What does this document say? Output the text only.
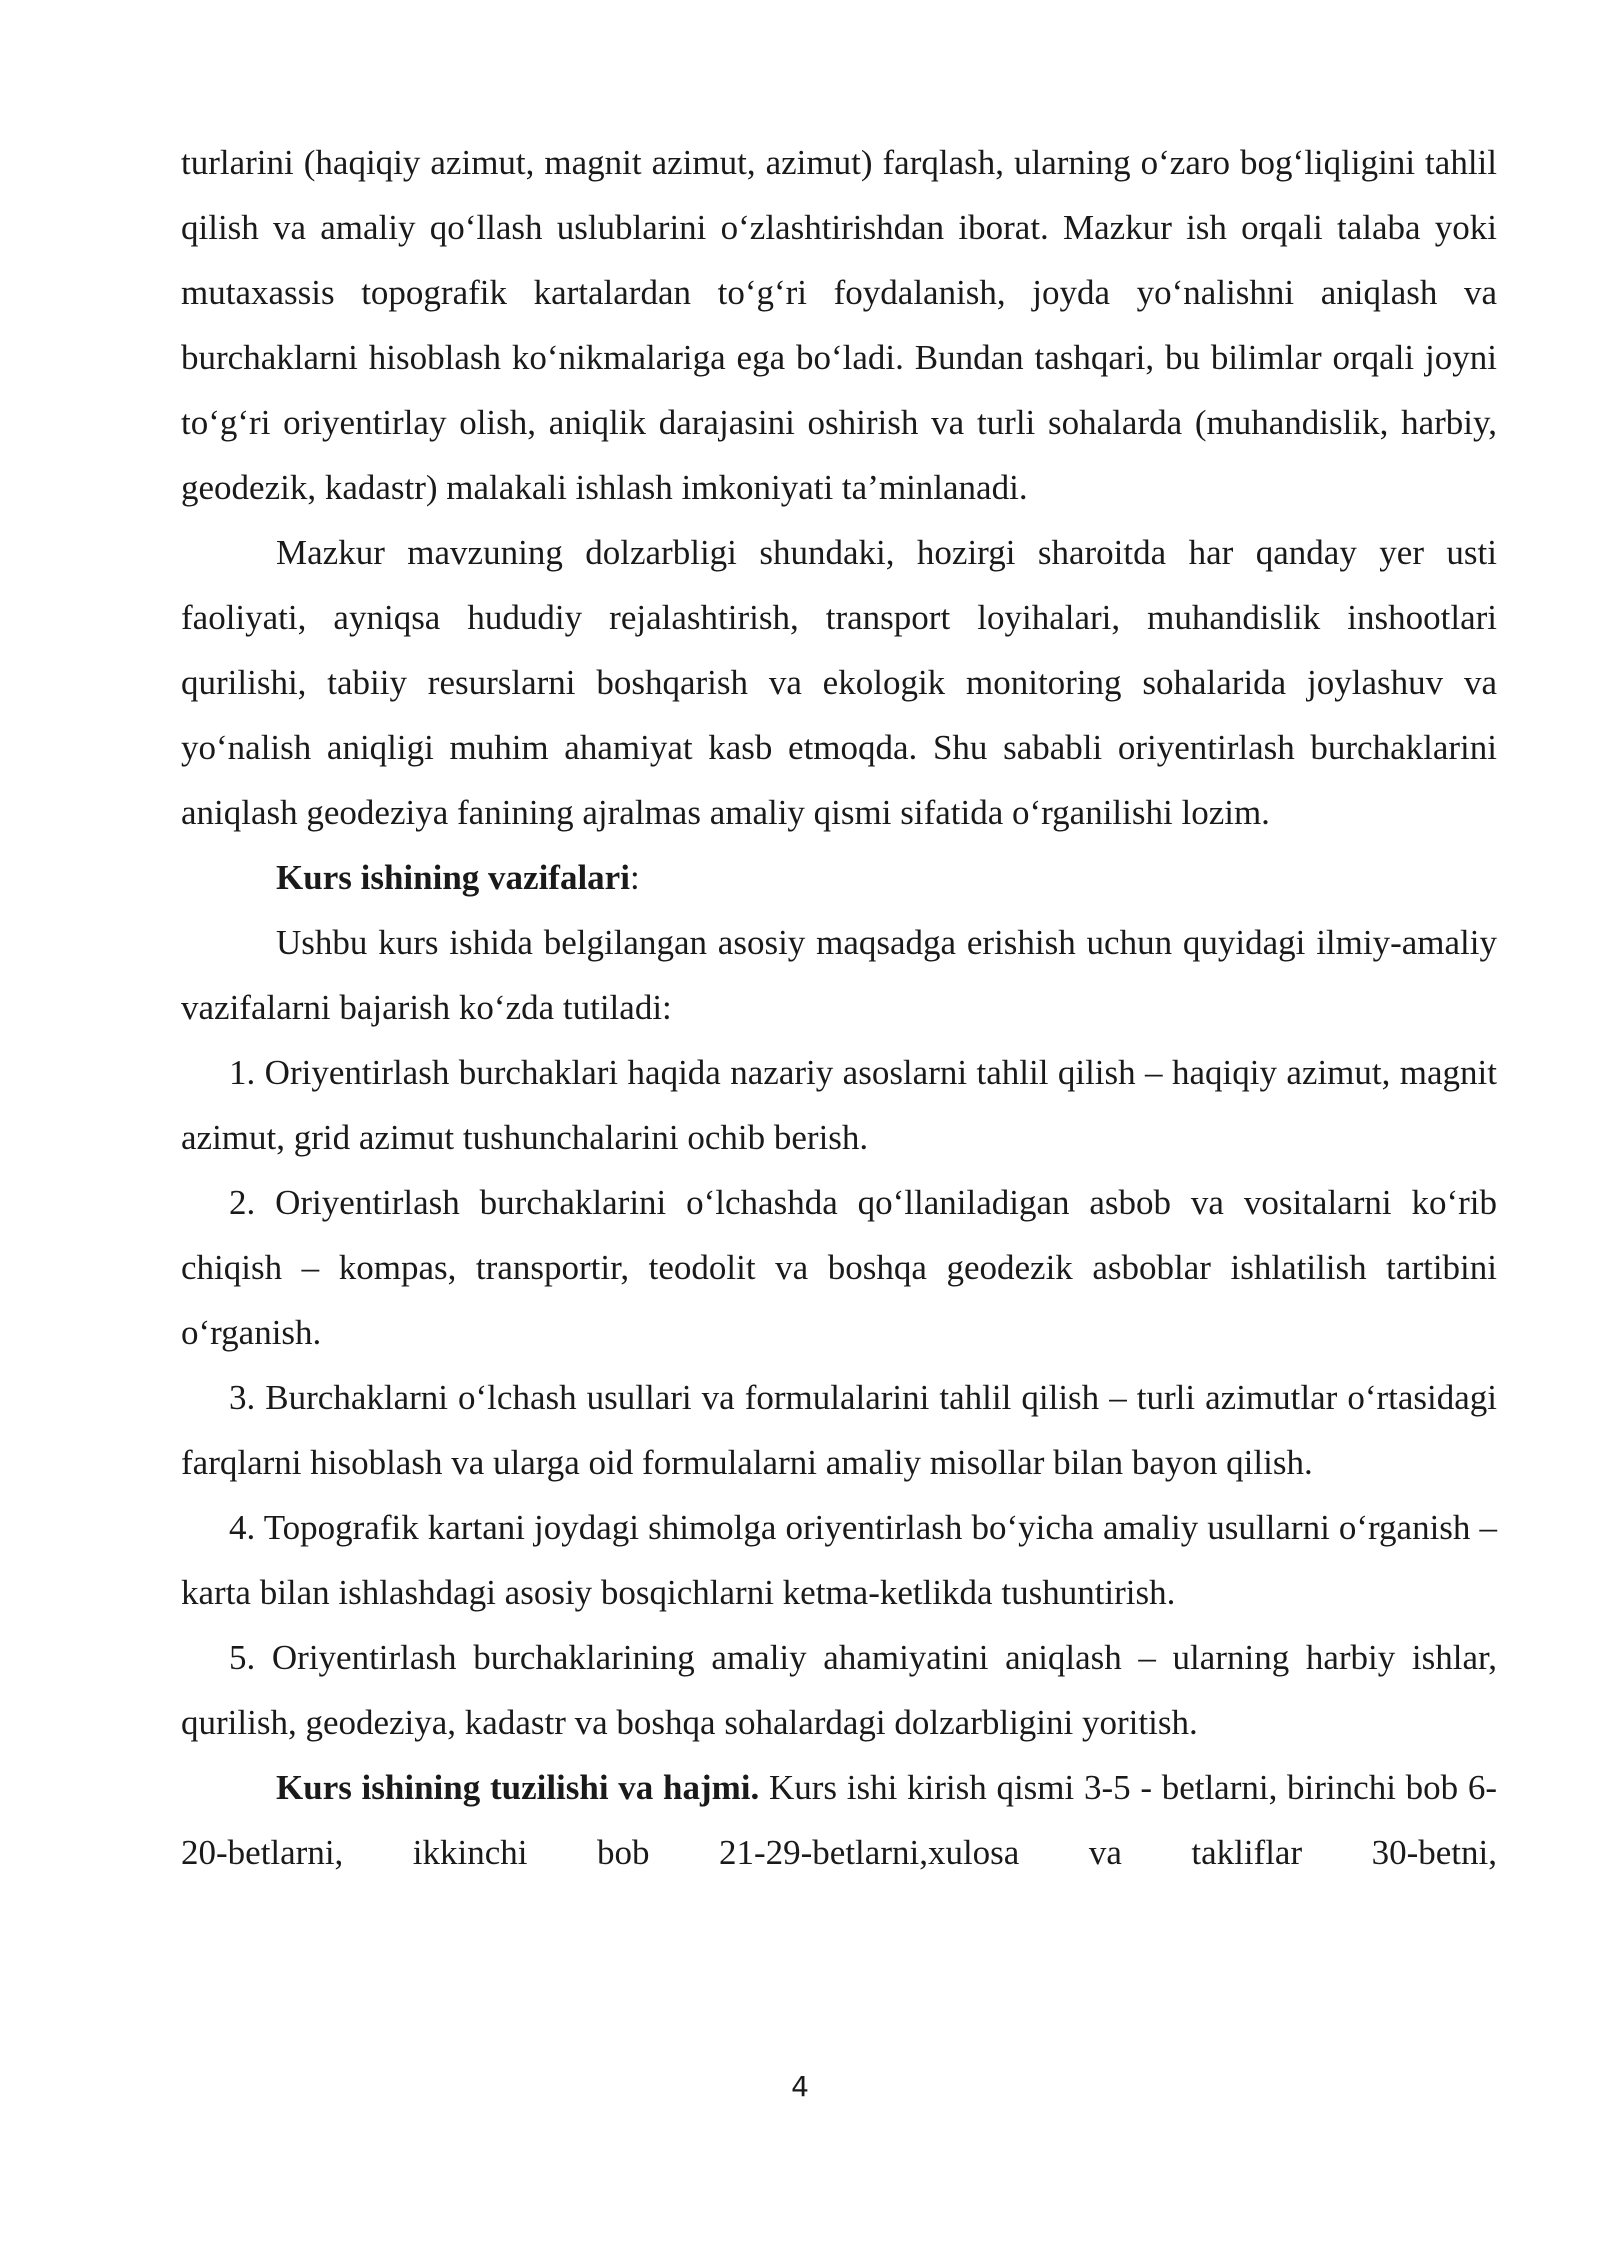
turlarini (haqiqiy azimut, magnit azimut, azimut) farqlash, ularning o‘zaro bog‘liqligini tahlil qilish va amaliy qo‘llash uslublarini o‘zlashtirishdan iborat. Mazkur ish orqali talaba yoki mutaxassis topografik kartalardan to‘g‘ri foydalanish, joyda yo‘nalishni aniqlash va burchaklarni hisoblash ko‘nikmalariga ega bo‘ladi. Bundan tashqari, bu bilimlar orqali joyni to‘g‘ri oriyentirlay olish, aniqlik darajasini oshirish va turli sohalarda (muhandislik, harbiy, geodezik, kadastr) malakali ishlash imkoniyati ta’minlanadi.

Mazkur mavzuning dolzarbligi shundaki, hozirgi sharoitda har qanday yer usti faoliyati, ayniqsa hududiy rejalashtirish, transport loyihalari, muhandislik inshootlari qurilishi, tabiiy resurslarni boshqarish va ekologik monitoring sohalarida joylashuv va yo‘nalish aniqligi muhim ahamiyat kasb etmoqda. Shu sababli oriyentirlash burchaklarini aniqlash geodeziya fanining ajralmas amaliy qismi sifatida o‘rganilishi lozim.

Kurs ishining vazifalari:

Ushbu kurs ishida belgilangan asosiy maqsadga erishish uchun quyidagi ilmiy-amaliy vazifalarni bajarish ko‘zda tutiladi:

1. Oriyentirlash burchaklari haqida nazariy asoslarni tahlil qilish – haqiqiy azimut, magnit azimut, grid azimut tushunchalarini ochib berish.

2. Oriyentirlash burchaklarini o‘lchashda qo‘llaniladigan asbob va vositalarni ko‘rib chiqish – kompas, transportir, teodolit va boshqa geodezik asboblar ishlatilish tartibini o‘rganish.

3. Burchaklarni o‘lchash usullari va formulalarini tahlil qilish – turli azimutlar o‘rtasidagi farqlarni hisoblash va ularga oid formulalarni amaliy misollar bilan bayon qilish.

4. Topografik kartani joydagi shimolga oriyentirlash bo‘yicha amaliy usullarni o‘rganish – karta bilan ishlashdagi asosiy bosqichlarni ketma-ketlikda tushuntirish.

5. Oriyentirlash burchaklarining amaliy ahamiyatini aniqlash – ularning harbiy ishlar, qurilish, geodeziya, kadastr va boshqa sohalardagi dolzarbligini yoritish.

Kurs ishining tuzilishi va hajmi. Kurs ishi kirish qismi 3-5 - betlarni, birinchi bob 6-20-betlarni, ikkinchi bob 21-29-betlarni,xulosa va takliflar 30-betni,

4
